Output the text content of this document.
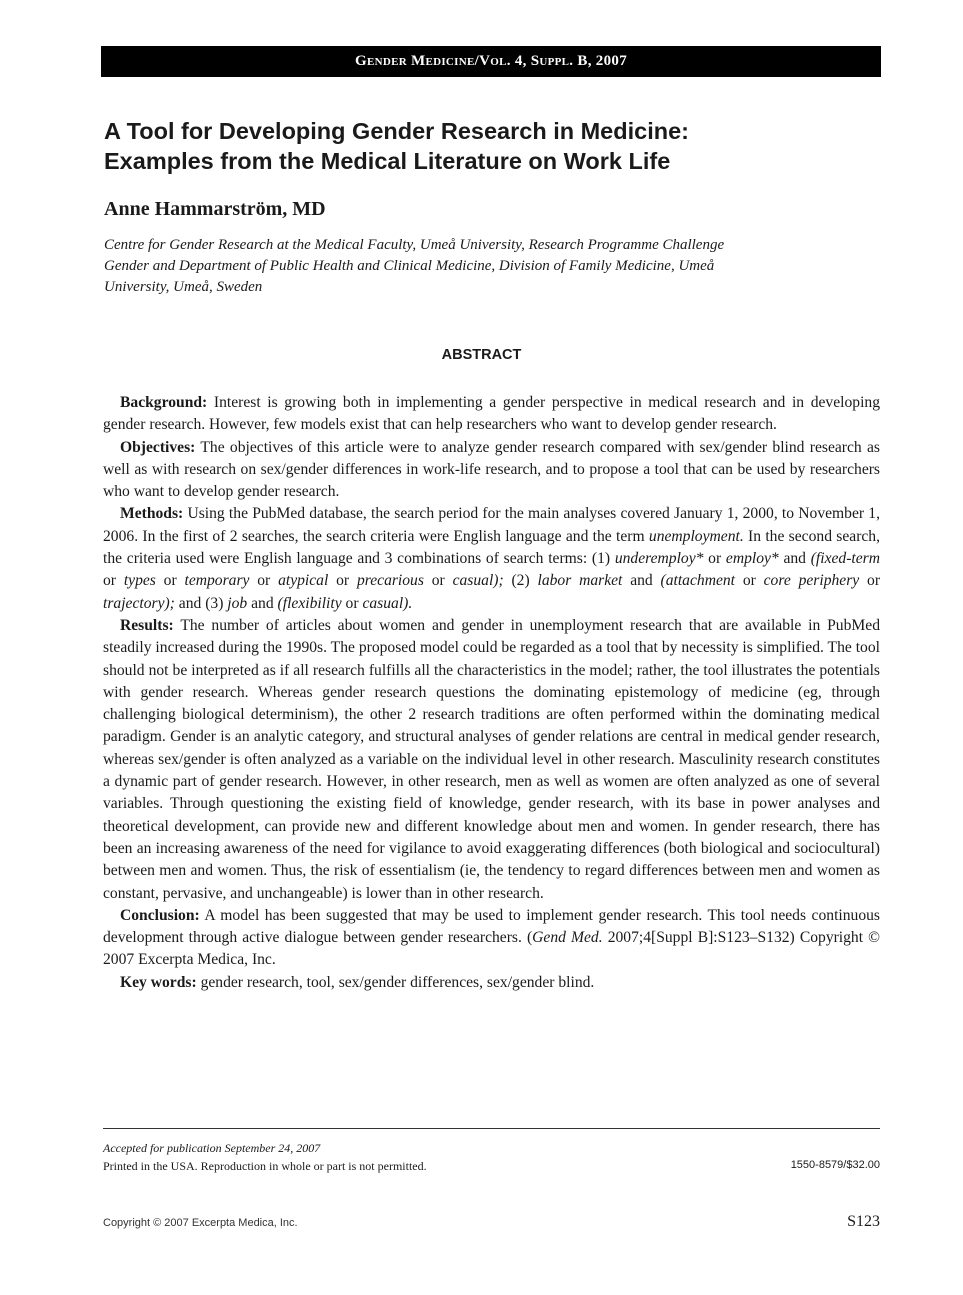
Gender Medicine/Vol. 4, Suppl. B, 2007
A Tool for Developing Gender Research in Medicine:
Examples from the Medical Literature on Work Life
Anne Hammarström, MD
Centre for Gender Research at the Medical Faculty, Umeå University, Research Programme Challenge
Gender and Department of Public Health and Clinical Medicine, Division of Family Medicine, Umeå
University, Umeå, Sweden
ABSTRACT

Background: Interest is growing both in implementing a gender perspective in medical research and in developing gender research. However, few models exist that can help researchers who want to develop gender research.

Objectives: The objectives of this article were to analyze gender research compared with sex/gender blind research as well as with research on sex/gender differences in work-life research, and to propose a tool that can be used by researchers who want to develop gender research.

Methods: Using the PubMed database, the search period for the main analyses covered January 1, 2000, to November 1, 2006. In the first of 2 searches, the search criteria were English language and the term unemployment. In the second search, the criteria used were English language and 3 combinations of search terms: (1) underemploy* or employ* and (fixed-term or types or temporary or atypical or precarious or casual); (2) labor market and (attachment or core periphery or trajectory); and (3) job and (flexibility or casual).

Results: The number of articles about women and gender in unemployment research that are available in PubMed steadily increased during the 1990s. The proposed model could be regarded as a tool that by necessity is simplified. The tool should not be interpreted as if all research fulfills all the characteristics in the model; rather, the tool illustrates the potentials with gender research. Whereas gender research questions the dominating epistemology of medicine (eg, through challenging biological determinism), the other 2 research traditions are often performed within the dominating medical paradigm. Gender is an analytic category, and structural analyses of gender relations are central in medical gender research, whereas sex/gender is often analyzed as a variable on the individual level in other research. Masculinity research constitutes a dynamic part of gender research. However, in other research, men as well as women are often analyzed as one of several variables. Through questioning the existing field of knowledge, gender research, with its base in power analyses and theoretical development, can provide new and different knowledge about men and women. In gender research, there has been an increasing awareness of the need for vigilance to avoid exaggerating differences (both biological and sociocultural) between men and women. Thus, the risk of essentialism (ie, the tendency to regard differences between men and women as constant, pervasive, and unchangeable) is lower than in other research.

Conclusion: A model has been suggested that may be used to implement gender research. This tool needs continuous development through active dialogue between gender researchers. (Gend Med. 2007;4[Suppl B]:S123–S132) Copyright © 2007 Excerpta Medica, Inc.

Key words: gender research, tool, sex/gender differences, sex/gender blind.

Accepted for publication September 24, 2007
Printed in the USA. Reproduction in whole or part is not permitted.	1550-8579/$32.00
Copyright © 2007 Excerpta Medica, Inc.	S123
